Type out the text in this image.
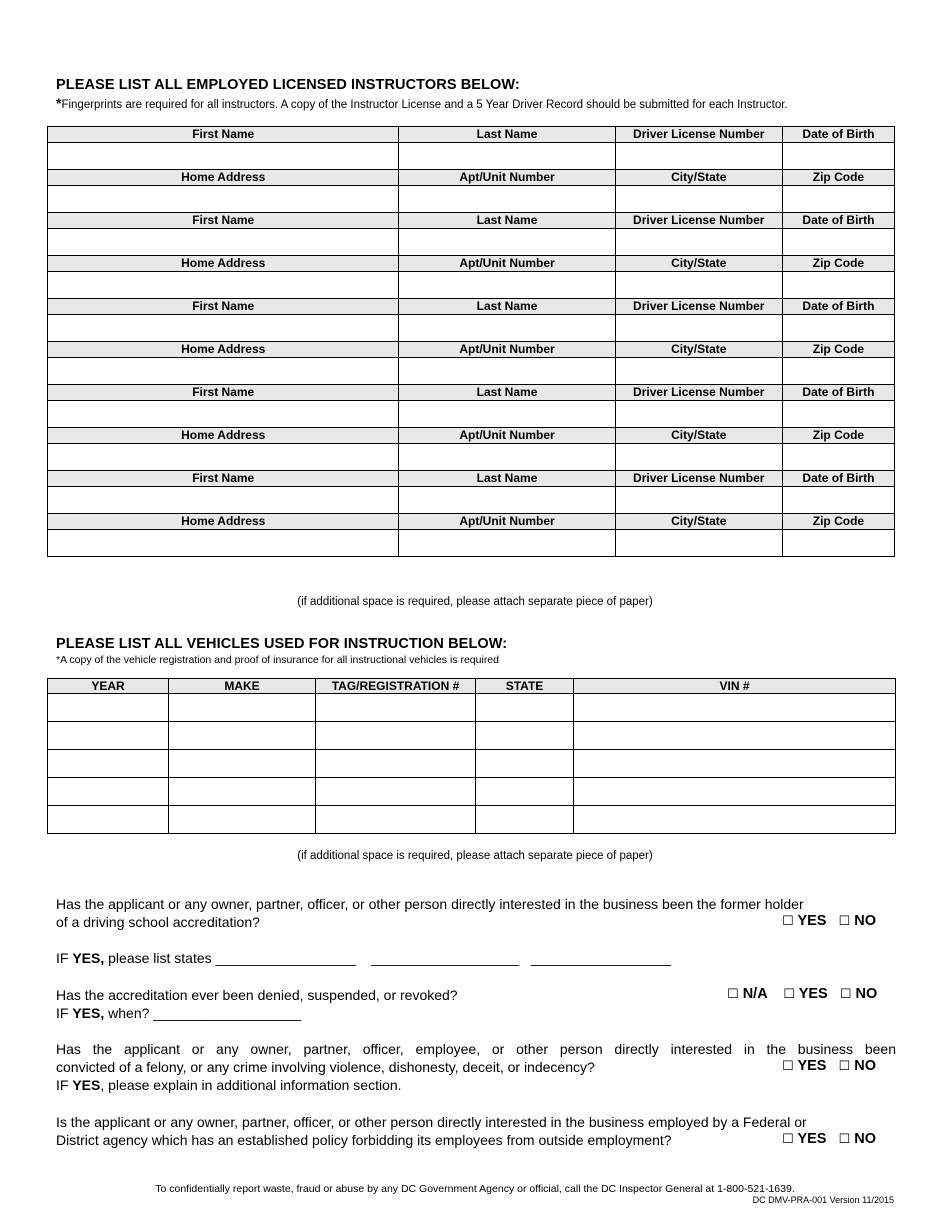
PLEASE LIST ALL EMPLOYED LICENSED INSTRUCTORS BELOW:
*Fingerprints are required for all instructors. A copy of the Instructor License and a 5 Year Driver Record should be submitted for each Instructor.
First Name	Last Name	Driver License Number	Date of Birth

Home Address	Apt/Unit Number	City/State	Zip Code

First Name	Last Name	Driver License Number	Date of Birth

Home Address	Apt/Unit Number	City/State	Zip Code

First Name	Last Name	Driver License Number	Date of Birth

Home Address	Apt/Unit Number	City/State	Zip Code

First Name	Last Name	Driver License Number	Date of Birth

Home Address	Apt/Unit Number	City/State	Zip Code

First Name	Last Name	Driver License Number	Date of Birth

Home Address	Apt/Unit Number	City/State	Zip Code

(if additional space is required, please attach separate piece of paper)
PLEASE LIST ALL VEHICLES USED FOR INSTRUCTION BELOW:
*A copy of the vehicle registration and proof of insurance for all instructional vehicles is required
YEAR	MAKE	TAG/REGISTRATION #	STATE	VIN #

(if additional space is required, please attach separate piece of paper)
Has the applicant or any owner, partner, officer, or other person directly interested in the business been the former holder
of a driving school accreditation?	☐ YES ☐ NO
IF YES, please list states __________________    ___________________   __________________
Has the accreditation ever been denied, suspended, or revoked?
IF YES, when? ___________________
☐ N/A ☐ YES ☐ NO
Has the applicant or any owner, partner, officer, employee, or other person directly interested in the business been
convicted of a felony, or any crime involving violence, dishonesty, deceit, or indecency?
IF YES, please explain in additional information section.
☐ YES ☐ NO
Is the applicant or any owner, partner, officer, or other person directly interested in the business employed by a Federal or
District agency which has an established policy forbidding its employees from outside employment?	☐ YES ☐ NO
To confidentially report waste, fraud or abuse by any DC Government Agency or official, call the DC Inspector General at 1-800-521-1639.
DC DMV-PRA-001 Version 11/2015
